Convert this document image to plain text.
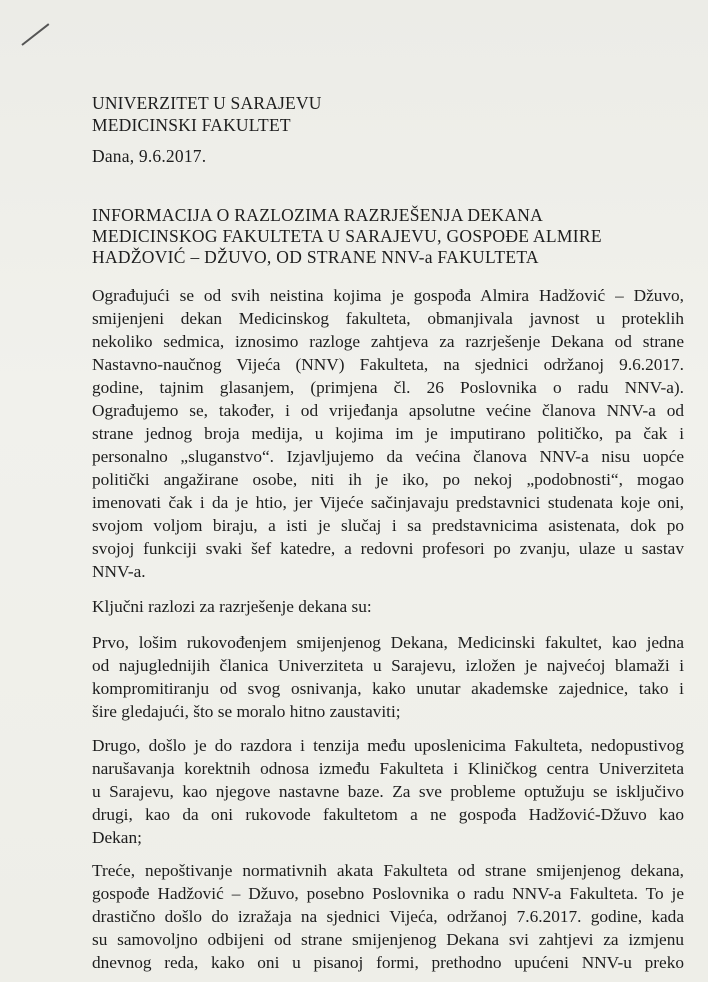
UNIVERZITET U SARAJEVU
MEDICINSKI FAKULTET
Dana, 9.6.2017.
INFORMACIJA O RAZLOZIMA RAZRJEŠENJA DEKANA
MEDICINSKOG FAKULTETA U SARAJEVU, GOSPOĐE ALMIRE
HADŽOVIĆ – DŽUVO, OD STRANE NNV-a FAKULTETA
Ograđujući se od svih neistina kojima je gospođa Almira Hadžović – Džuvo,
smijenjeni dekan Medicinskog fakulteta, obmanjivala javnost u proteklih
nekoliko sedmica, iznosimo razloge zahtjeva za razrješenje Dekana od strane
Nastavno-naučnog Vijeća (NNV) Fakulteta, na sjednici održanoj 9.6.2017.
godine, tajnim glasanjem, (primjena čl. 26 Poslovnika o radu NNV-a).
Ograđujemo se, također, i od vrijeđanja apsolutne većine članova NNV-a od
strane jednog broja medija, u kojima im je imputirano političko, pa čak i
personalno „sluganstvo“. Izjavljujemo da većina članova NNV-a nisu uopće
politički angažirane osobe, niti ih je iko, po nekoj „podobnosti“, mogao
imenovati čak i da je htio, jer Vijeće sačinjavaju predstavnici studenata koje oni,
svojom voljom biraju, a isti je slučaj i sa predstavnicima asistenata, dok po
svojoj funkciji svaki šef katedre, a redovni profesori po zvanju, ulaze u sastav
NNV-a.
Ključni razlozi za razrješenje dekana su:
Prvo, lošim rukovođenjem smijenjenog Dekana, Medicinski fakultet, kao jedna
od najuglednijih članica Univerziteta u Sarajevu, izložen je najvećoj blamaži i
kompromitiranju od svog osnivanja, kako unutar akademske zajednice, tako i
šire gledajući, što se moralo hitno zaustaviti;
Drugo, došlo je do razdora i tenzija među uposlenicima Fakulteta, nedopustivog
narušavanja korektnih odnosa između Fakulteta i Kliničkog centra Univerziteta
u Sarajevu, kao njegove nastavne baze. Za sve probleme optužuju se isključivo
drugi, kao da oni rukovode fakultetom a ne gospođa Hadžović-Džuvo kao
Dekan;
Treće, nepoštivanje normativnih akata Fakulteta od strane smijenjenog dekana,
gospođe Hadžović – Džuvo, posebno Poslovnika o radu NNV-a Fakulteta. To je
drastično došlo do izražaja na sjednici Vijeća, održanoj 7.6.2017. godine, kada
su samovoljno odbijeni od strane smijenjenog Dekana svi zahtjevi za izmjenu
dnevnog reda, kako oni u pisanoj formi, prethodno upućeni NNV-u preko
